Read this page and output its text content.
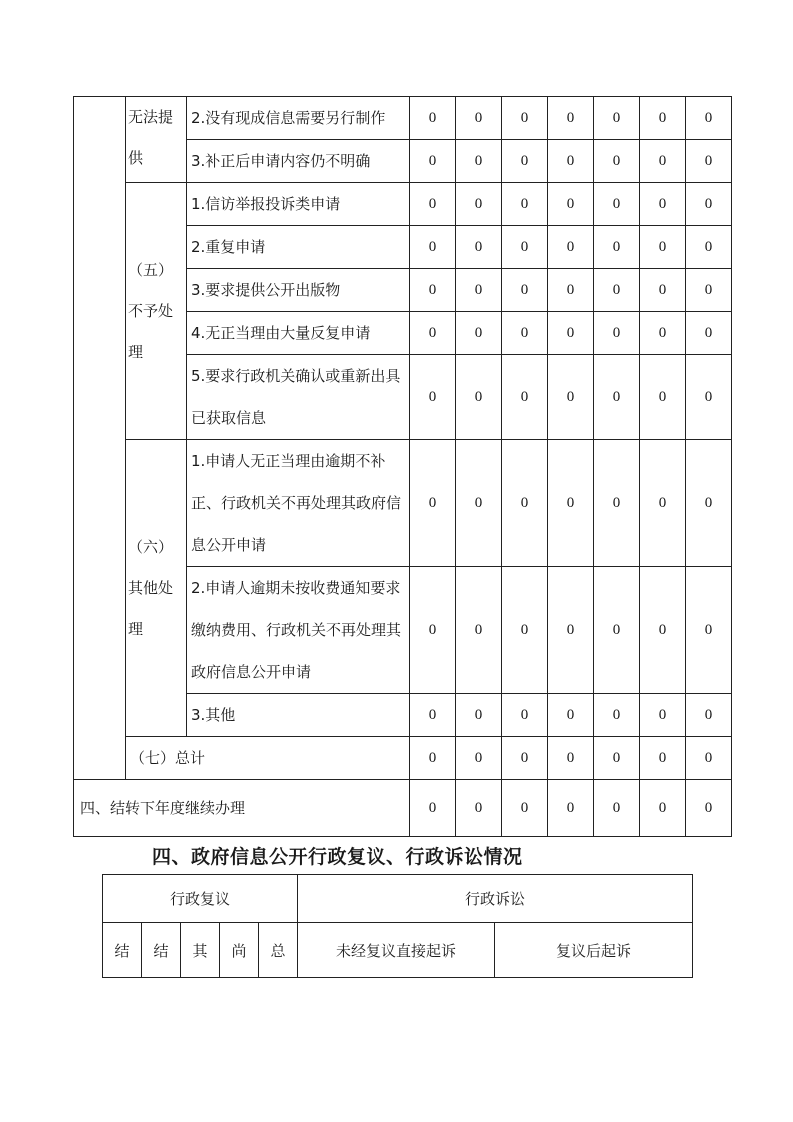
	无法提供	2.没有现成信息需要另行制作	0	0	0	0	0	0	0
		3.补正后申请内容仍不明确	0	0	0	0	0	0	0
	（五）不予处理	1.信访举报投诉类申请	0	0	0	0	0	0	0
		2.重复申请	0	0	0	0	0	0	0
		3.要求提供公开出版物	0	0	0	0	0	0	0
		4.无正当理由大量反复申请	0	0	0	0	0	0	0
		5.要求行政机关确认或重新出具已获取信息	0	0	0	0	0	0	0
	（六）其他处理	1.申请人无正当理由逾期不补正、行政机关不再处理其政府信息公开申请	0	0	0	0	0	0	0
		2.申请人逾期未按收费通知要求缴纳费用、行政机关不再处理其政府信息公开申请	0	0	0	0	0	0	0
		3.其他	0	0	0	0	0	0	0
	（七）总计		0	0	0	0	0	0	0
四、结转下年度继续办理			0	0	0	0	0	0	0
四、政府信息公开行政复议、行政诉讼情况
行政复议					行政诉讼	
结	结	其	尚	总	未经复议直接起诉	复议后起诉
